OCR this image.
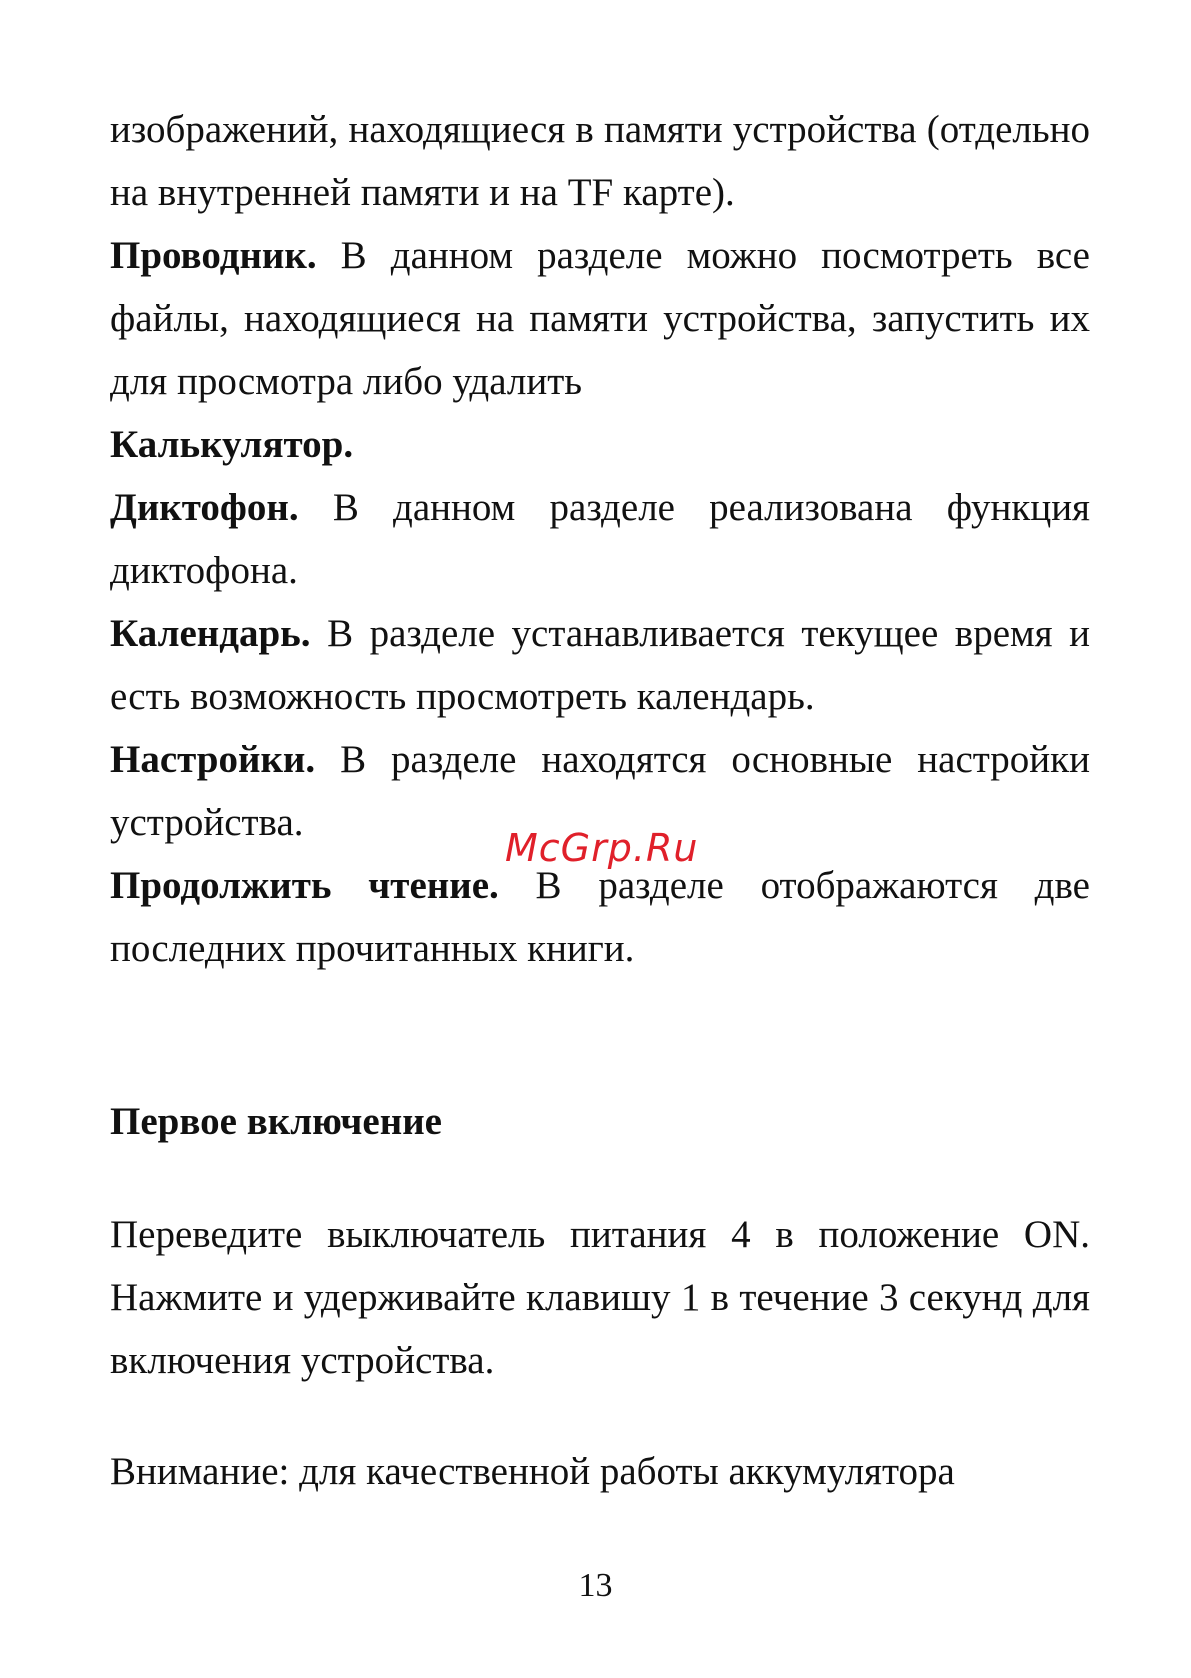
изображений, находящиеся в памяти устройства (отдельно на внутренней памяти и на TF карте).

Проводник. В данном разделе можно посмотреть все файлы, находящиеся на памяти устройства, запустить их для просмотра либо удалить

Калькулятор.

Диктофон. В данном разделе реализована функция диктофона.

Календарь. В разделе устанавливается текущее время и есть возможность просмотреть календарь.

Настройки. В разделе находятся основные настройки устройства.

Продолжить чтение. В разделе отображаются две последних прочитанных книги.

Первое включение

Переведите выключатель питания 4 в положение ON. Нажмите и удерживайте клавишу 1 в течение 3 секунд для включения устройства.

Внимание: для качественной работы аккумулятора

McGrp.Ru
13
